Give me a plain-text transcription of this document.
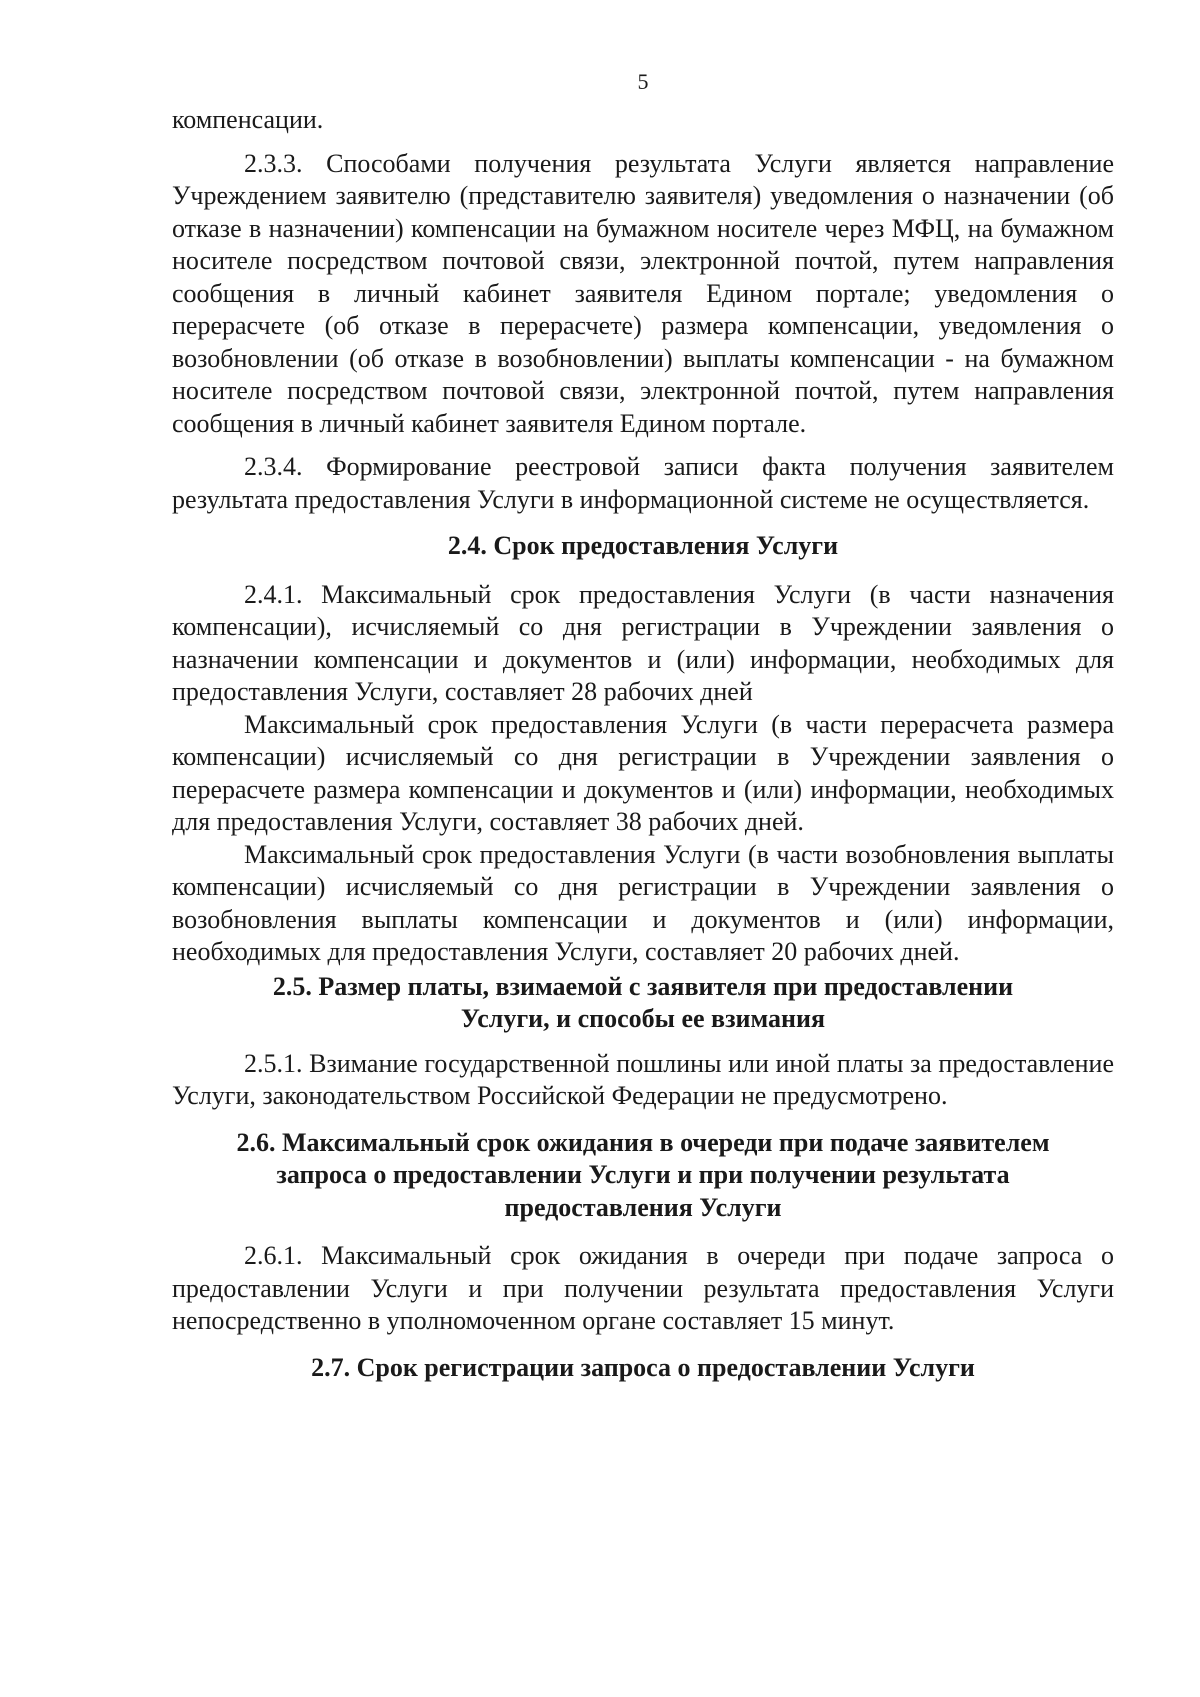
5

компенсации.

2.3.3. Способами получения результата Услуги является направление Учреждением заявителю (представителю заявителя) уведомления о назначении (об отказе в назначении) компенсации на бумажном носителе через МФЦ, на бумажном носителе посредством почтовой связи, электронной почтой, путем направления сообщения в личный кабинет заявителя Едином портале; уведомления о перерасчете (об отказе в перерасчете) размера компенсации, уведомления о возобновлении (об отказе в возобновлении) выплаты компенсации - на бумажном носителе посредством почтовой связи, электронной почтой, путем направления сообщения в личный кабинет заявителя Едином портале.

2.3.4. Формирование реестровой записи факта получения заявителем результата предоставления Услуги в информационной системе не осуществляется.

2.4. Срок предоставления Услуги

2.4.1. Максимальный срок предоставления Услуги (в части назначения компенсации), исчисляемый со дня регистрации в Учреждении заявления о назначении компенсации и документов и (или) информации, необходимых для предоставления Услуги, составляет 28 рабочих дней

Максимальный срок предоставления Услуги (в части перерасчета размера компенсации) исчисляемый со дня регистрации в Учреждении заявления о перерасчете размера компенсации и документов и (или) информации, необходимых для предоставления Услуги, составляет 38 рабочих дней.

Максимальный срок предоставления Услуги (в части возобновления выплаты компенсации) исчисляемый со дня регистрации в Учреждении заявления о возобновления выплаты компенсации и документов и (или) информации, необходимых для предоставления Услуги, составляет 20 рабочих дней.

2.5. Размер платы, взимаемой с заявителя при предоставлении
Услуги, и способы ее взимания

2.5.1. Взимание государственной пошлины или иной платы за предоставление Услуги, законодательством Российской Федерации не предусмотрено.

2.6. Максимальный срок ожидания в очереди при подаче заявителем
запроса о предоставлении Услуги и при получении результата
предоставления Услуги

2.6.1. Максимальный срок ожидания в очереди при подаче запроса о предоставлении Услуги и при получении результата предоставления Услуги непосредственно в уполномоченном органе составляет 15 минут.

2.7. Срок регистрации запроса о предоставлении Услуги
